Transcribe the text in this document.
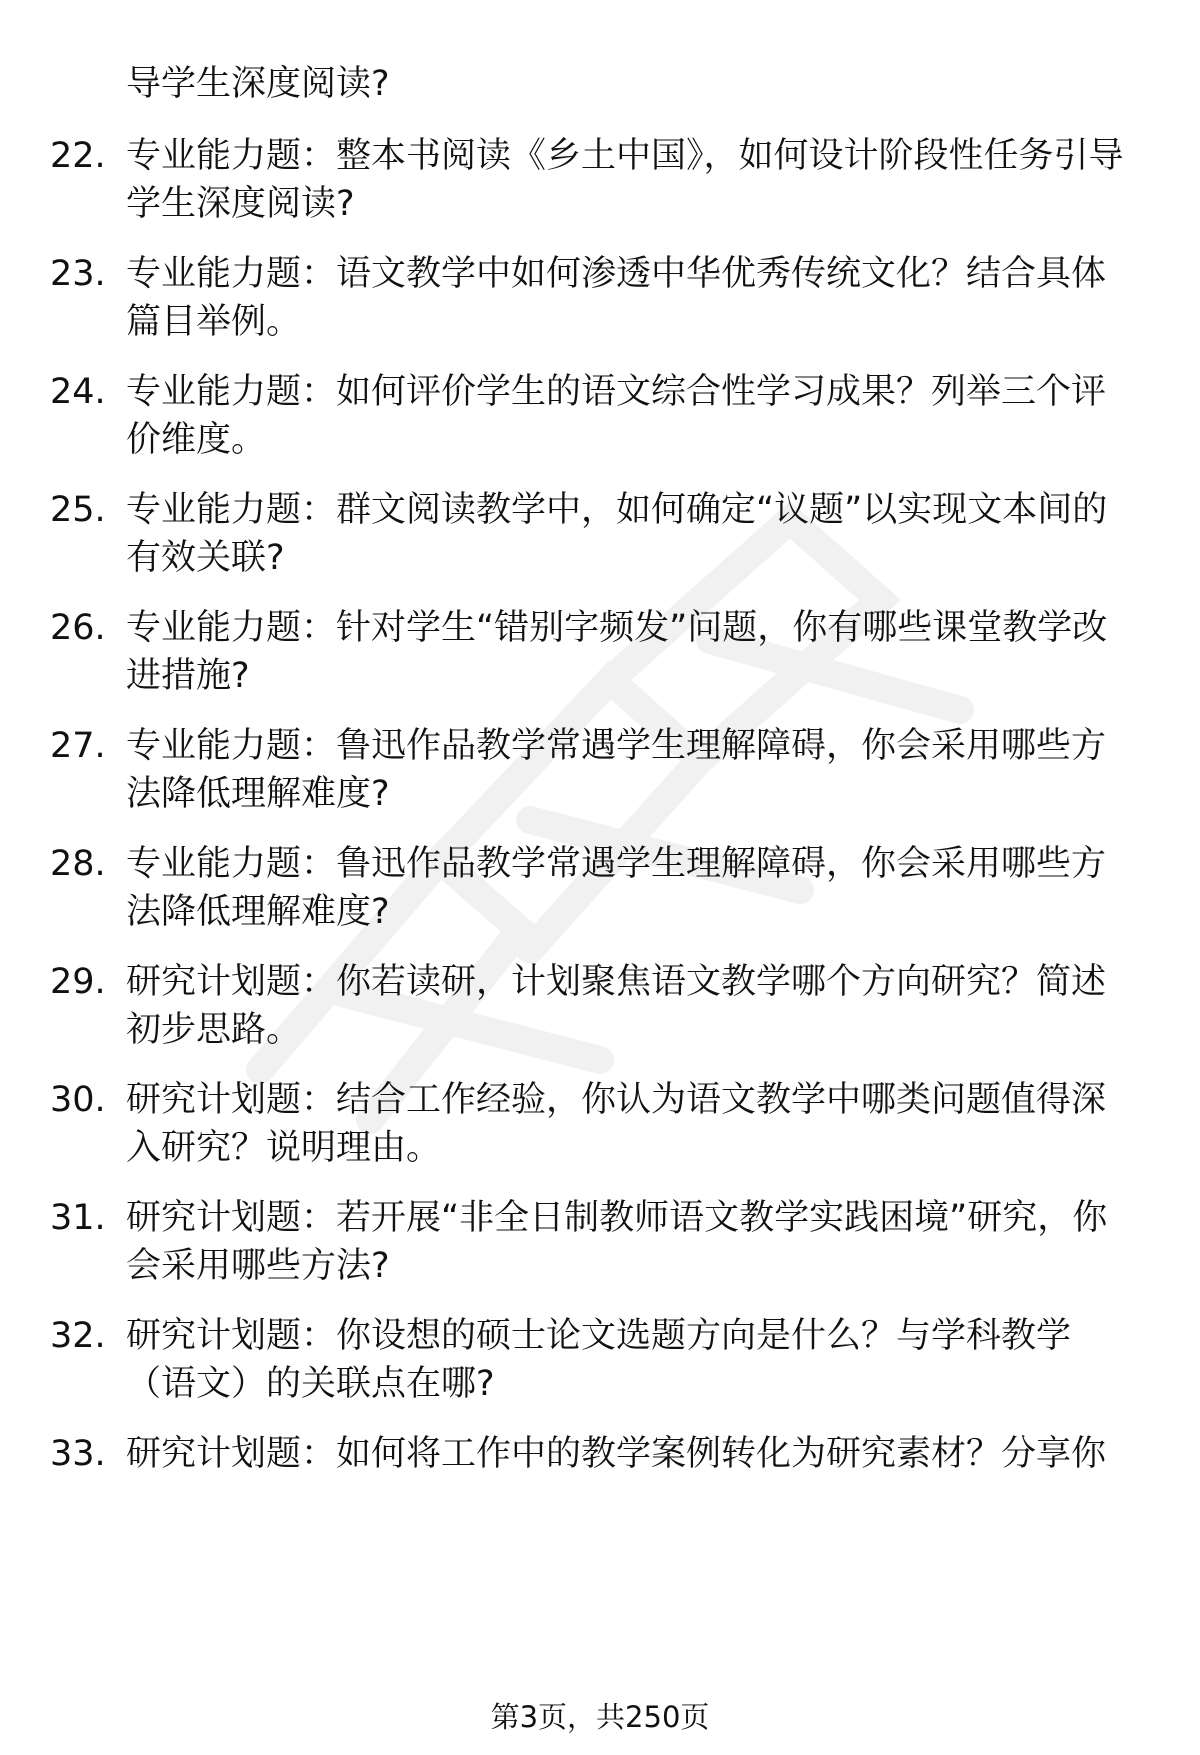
导学生深度阅读?
22. 专业能力题：整本书阅读《乡土中国》，如何设计阶段性任务引导学生深度阅读?
23. 专业能力题：语文教学中如何渗透中华优秀传统文化？结合具体篇目举例。
24. 专业能力题：如何评价学生的语文综合性学习成果？列举三个评价维度。
25. 专业能力题：群文阅读教学中，如何确定“议题”以实现文本间的有效关联?
26. 专业能力题：针对学生“错别字频发”问题，你有哪些课堂教学改进措施?
27. 专业能力题：鲁迅作品教学常遇学生理解障碍，你会采用哪些方法降低理解难度?
28. 专业能力题：鲁迅作品教学常遇学生理解障碍，你会采用哪些方法降低理解难度?
29. 研究计划题：你若读研，计划聚焦语文教学哪个方向研究？简述初步思路。
30. 研究计划题：结合工作经验，你认为语文教学中哪类问题值得深入研究？说明理由。
31. 研究计划题：若开展“非全日制教师语文教学实践困境”研究，你会采用哪些方法?
32. 研究计划题：你设想的硕士论文选题方向是什么？与学科教学（语文）的关联点在哪?
33. 研究计划题：如何将工作中的教学案例转化为研究素材？分享你
第3页，共250页
